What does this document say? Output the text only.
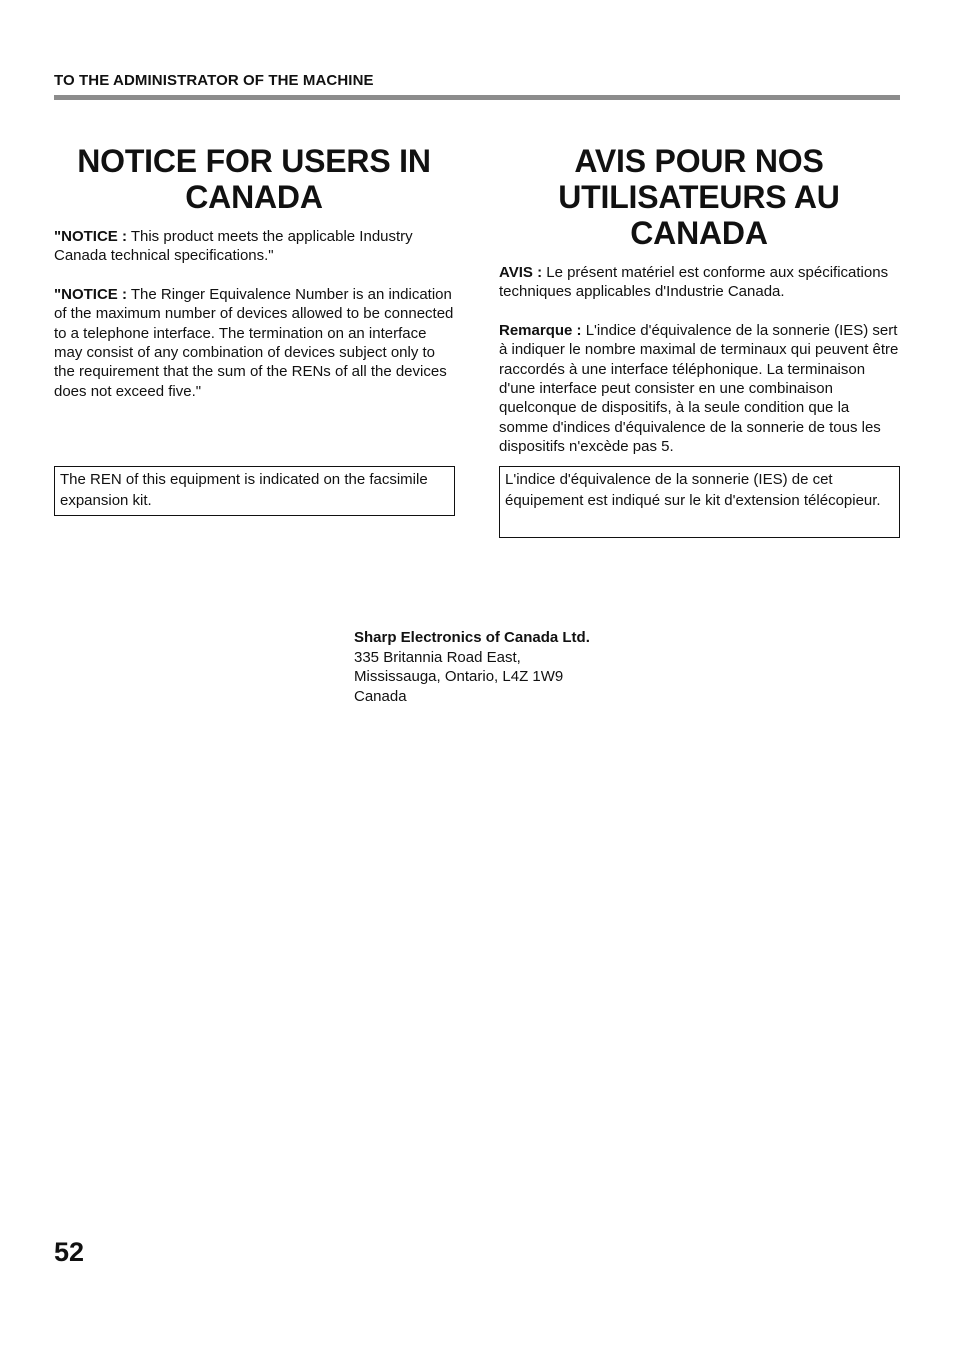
TO THE ADMINISTRATOR OF THE MACHINE
NOTICE FOR USERS IN CANADA

"NOTICE : This product meets the applicable Industry Canada technical specifications."

"NOTICE : The Ringer Equivalence Number is an indication of the maximum number of devices allowed to be connected to a telephone interface. The termination on an interface may consist of any combination of devices subject only to the requirement that the sum of the RENs of all the devices does not exceed five."

AVIS POUR NOS UTILISATEURS AU CANADA

AVIS : Le présent matériel est conforme aux spécifications techniques applicables d'Industrie Canada.

Remarque : L'indice d'équivalence de la sonnerie (IES) sert à indiquer le nombre maximal de terminaux qui peuvent être raccordés à une interface téléphonique. La terminaison d'une interface peut consister en une combinaison quelconque de dispositifs, à la seule condition que la somme d'indices d'équivalence de la sonnerie de tous les dispositifs n'excède pas 5.

The REN of this equipment is indicated on the facsimile expansion kit.
L'indice d'équivalence de la sonnerie (IES) de cet équipement est indiqué sur le kit d'extension télécopieur.
Sharp Electronics of Canada Ltd.
335 Britannia Road East,
Mississauga, Ontario, L4Z 1W9
Canada
52
